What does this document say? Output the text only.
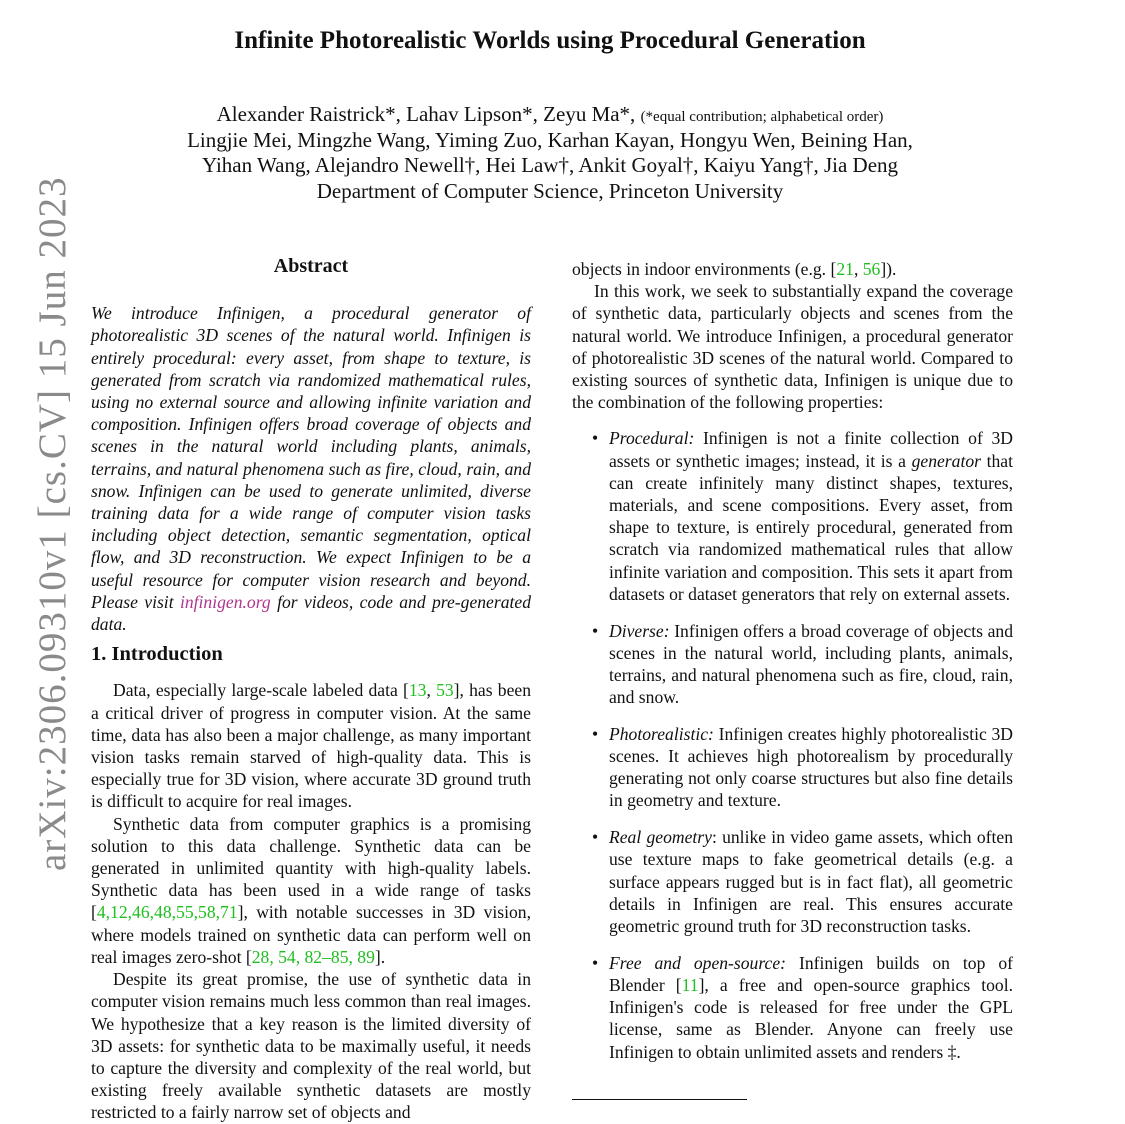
Infinite Photorealistic Worlds using Procedural Generation
Alexander Raistrick*, Lahav Lipson*, Zeyu Ma*, (*equal contribution; alphabetical order)
Lingjie Mei, Mingzhe Wang, Yiming Zuo, Karhan Kayan, Hongyu Wen, Beining Han,
Yihan Wang, Alejandro Newell†, Hei Law†, Ankit Goyal†, Kaiyu Yang†, Jia Deng
Department of Computer Science, Princeton University
arXiv:2306.09310v1 [cs.CV] 15 Jun 2023	Abstract

We introduce Infinigen, a procedural generator of photorealistic 3D scenes of the natural world. Infinigen is entirely procedural: every asset, from shape to texture, is generated from scratch via randomized mathematical rules, using no external source and allowing infinite variation and composition. Infinigen offers broad coverage of objects and scenes in the natural world including plants, animals, terrains, and natural phenomena such as fire, cloud, rain, and snow. Infinigen can be used to generate unlimited, diverse training data for a wide range of computer vision tasks including object detection, semantic segmentation, optical flow, and 3D reconstruction. We expect Infinigen to be a useful resource for computer vision research and beyond. Please visit infinigen.org for videos, code and pre-generated data.

1. Introduction

Data, especially large-scale labeled data [13, 53], has been a critical driver of progress in computer vision. At the same time, data has also been a major challenge, as many important vision tasks remain starved of high-quality data. This is especially true for 3D vision, where accurate 3D ground truth is difficult to acquire for real images.

Synthetic data from computer graphics is a promising solution to this data challenge. Synthetic data can be generated in unlimited quantity with high-quality labels. Synthetic data has been used in a wide range of tasks [4,12,46,48,55,58,71], with notable successes in 3D vision, where models trained on synthetic data can perform well on real images zero-shot [28, 54, 82–85, 89].

Despite its great promise, the use of synthetic data in computer vision remains much less common than real images. We hypothesize that a key reason is the limited diversity of 3D assets: for synthetic data to be maximally useful, it needs to capture the diversity and complexity of the real world, but existing freely available synthetic datasets are mostly restricted to a fairly narrow set of objects and

objects in indoor environments (e.g. [21, 56]).

In this work, we seek to substantially expand the coverage of synthetic data, particularly objects and scenes from the natural world. We introduce Infinigen, a procedural generator of photorealistic 3D scenes of the natural world. Compared to existing sources of synthetic data, Infinigen is unique due to the combination of the following properties:

• Procedural: Infinigen is not a finite collection of 3D assets or synthetic images; instead, it is a generator that can create infinitely many distinct shapes, textures, materials, and scene compositions. Every asset, from shape to texture, is entirely procedural, generated from scratch via randomized mathematical rules that allow infinite variation and composition. This sets it apart from datasets or dataset generators that rely on external assets.
• Diverse: Infinigen offers a broad coverage of objects and scenes in the natural world, including plants, animals, terrains, and natural phenomena such as fire, cloud, rain, and snow.
• Photorealistic: Infinigen creates highly photorealistic 3D scenes. It achieves high photorealism by procedurally generating not only coarse structures but also fine details in geometry and texture.
• Real geometry: unlike in video game assets, which often use texture maps to fake geometrical details (e.g. a surface appears rugged but is in fact flat), all geometric details in Infinigen are real. This ensures accurate geometric ground truth for 3D reconstruction tasks.
• Free and open-source: Infinigen builds on top of Blender [11], a free and open-source graphics tool. Infinigen's code is released for free under the GPL license, same as Blender. Anyone can freely use Infinigen to obtain unlimited assets and renders ‡.
